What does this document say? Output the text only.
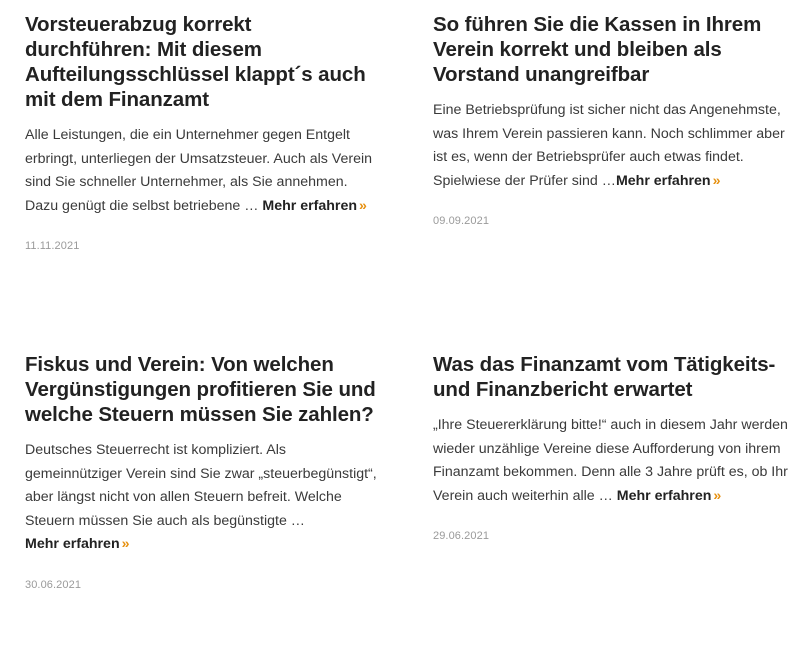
Vorsteuerabzug korrekt durchführen: Mit diesem Aufteilungsschlüssel klappt´s auch mit dem Finanzamt

Alle Leistungen, die ein Unternehmer gegen Entgelt erbringt, unterliegen der Umsatzsteuer. Auch als Verein sind Sie schneller Unternehmer, als Sie annehmen. Dazu genügt die selbst betriebene … Mehr erfahren »

11.11.2021
So führen Sie die Kassen in Ihrem Verein korrekt und bleiben als Vorstand unangreifbar

Eine Betriebsprüfung ist sicher nicht das Angenehmste, was Ihrem Verein passieren kann. Noch schlimmer aber ist es, wenn der Betriebsprüfer auch etwas findet. Spielwiese der Prüfer sind …Mehr erfahren »

09.09.2021
Fiskus und Verein: Von welchen Vergünstigungen profitieren Sie und welche Steuern müssen Sie zahlen?

Deutsches Steuerrecht ist kompliziert. Als gemeinnütziger Verein sind Sie zwar „steuerbegünstigt“, aber längst nicht von allen Steuern befreit. Welche Steuern müssen Sie auch als begünstigte …Mehr erfahren »

30.06.2021
Was das Finanzamt vom Tätigkeits- und Finanzbericht erwartet

„Ihre Steuererklärung bitte!“ auch in diesem Jahr werden wieder unzählige Vereine diese Aufforderung von ihrem Finanzamt bekommen. Denn alle 3 Jahre prüft es, ob Ihr Verein auch weiterhin alle … Mehr erfahren »

29.06.2021
